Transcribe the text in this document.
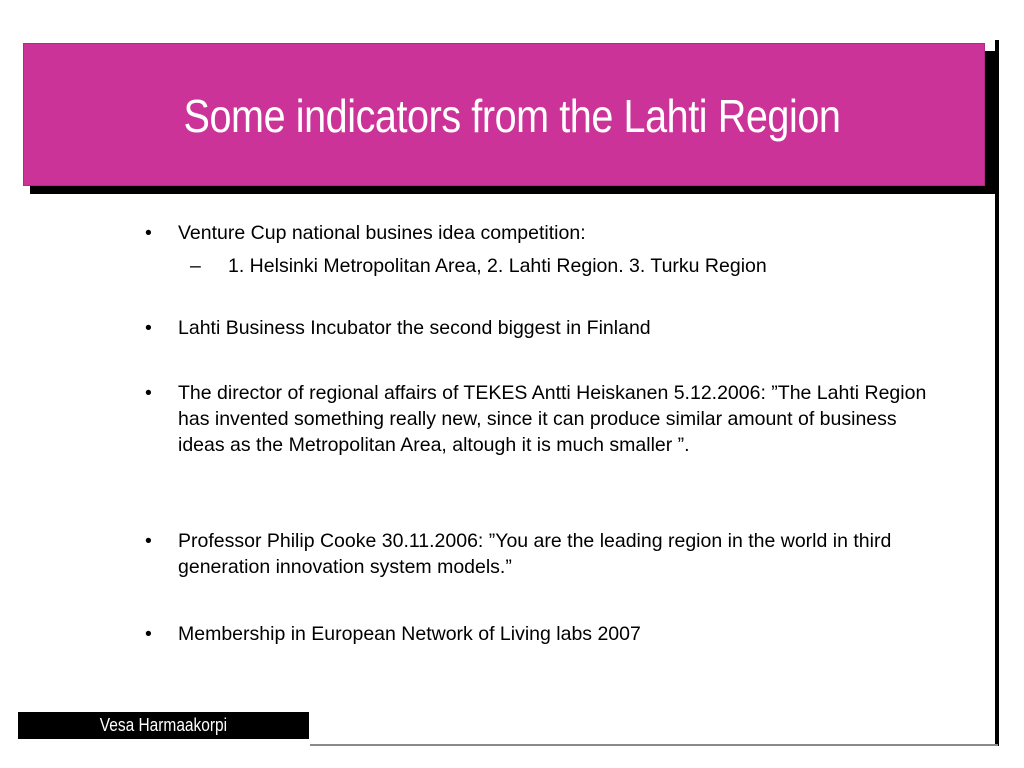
Some indicators from the Lahti Region
• Venture Cup national busines idea competition:
– 1. Helsinki Metropolitan Area, 2. Lahti Region. 3. Turku Region
• Lahti Business Incubator the second biggest in Finland
• The director of regional affairs of TEKES Antti Heiskanen 5.12.2006: ”The Lahti Region has invented something really new, since it can produce similar amount of business ideas as the Metropolitan Area, altough it is much smaller ”.
• Professor Philip Cooke 30.11.2006: ”You are the leading region in the world in third generation innovation system models.”
• Membership in European Network of Living labs 2007
Vesa Harmaakorpi
